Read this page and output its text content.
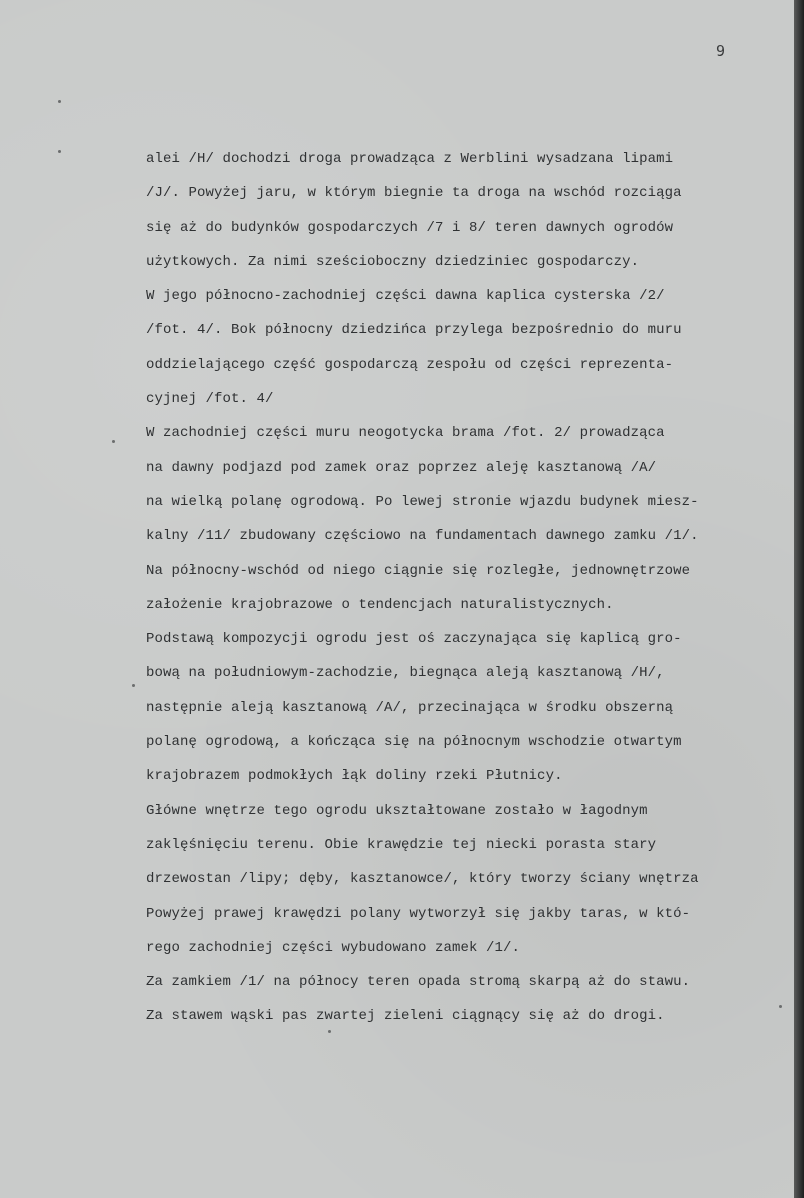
9
alei /H/ dochodzi droga prowadząca z Werblini wysadzana lipami
/J/. Powyżej jaru, w którym biegnie ta droga na wschód rozciąga
się aż do budynków gospodarczych /7 i 8/ teren dawnych ogrodów
użytkowych. Za nimi sześcioboczny dziedziniec gospodarczy.
W jego północno-zachodniej części dawna kaplica cysterska /2/
/fot. 4/. Bok północny dziedzińca przylega bezpośrednio do muru
oddzielającego część gospodarczą zespołu od części reprezenta-
cyjnej /fot. 4/
W zachodniej części muru neogotycka brama /fot. 2/ prowadząca
na dawny podjazd pod zamek oraz poprzez aleję kasztanową /A/
na wielką polanę ogrodową. Po lewej stronie wjazdu budynek miesz-
kalny /11/ zbudowany częściowo na fundamentach dawnego zamku /1/.
Na północny-wschód od niego ciągnie się rozległe, jednownętrzowe
założenie krajobrazowe o tendencjach naturalistycznych.
Podstawą kompozycji ogrodu jest oś zaczynająca się kaplicą gro-
bową na południowym-zachodzie, biegnąca aleją kasztanową /H/,
następnie aleją kasztanową /A/, przecinająca w środku obszerną
polanę ogrodową, a kończąca się na północnym wschodzie otwartym
krajobrazem podmokłych łąk doliny rzeki Płutnicy.
Główne wnętrze tego ogrodu ukształtowane zostało w łagodnym
zaklęśnięciu terenu. Obie krawędzie tej niecki porasta stary
drzewostan /lipy; dęby, kasztanowce/, który tworzy ściany wnętrza
Powyżej prawej krawędzi polany wytworzył się jakby taras, w któ-
rego zachodniej części wybudowano zamek /1/.
Za zamkiem /1/ na północy teren opada stromą skarpą aż do stawu.
Za stawem wąski pas zwartej zieleni ciągnący się aż do drogi.
